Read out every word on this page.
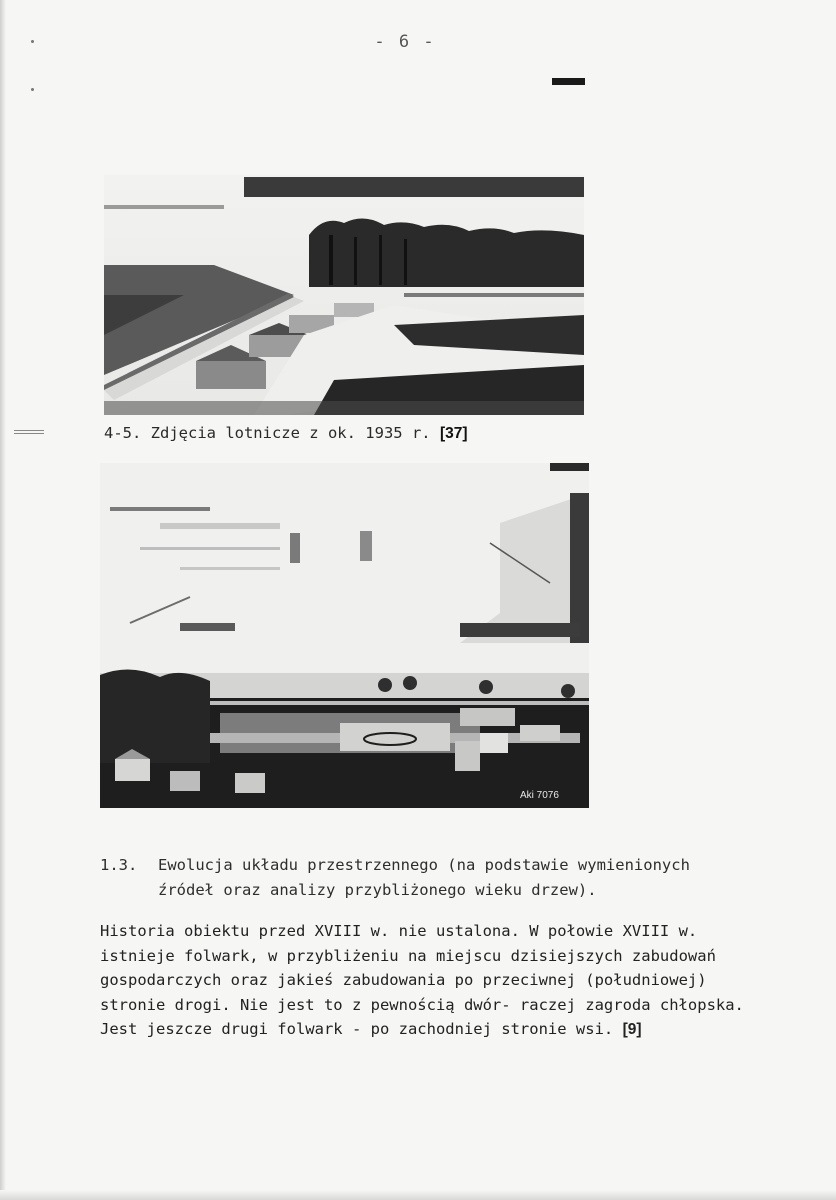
- 6 -
4-5. Zdjęcia lotnicze z ok. 1935 r. [37]
Aki 7076
1.3. Ewolucja układu przestrzennego (na podstawie wymienionych
źródeł oraz analizy przybliżonego wieku drzew).
Historia obiektu przed XVIII w. nie ustalona. W połowie XVIII w.
istnieje folwark, w przybliżeniu na miejscu dzisiejszych zabudowań
gospodarczych oraz jakieś zabudowania po przeciwnej (południowej)
stronie drogi. Nie jest to z pewnością dwór- raczej zagroda chłopska.
Jest jeszcze drugi folwark - po zachodniej stronie wsi. [9]
